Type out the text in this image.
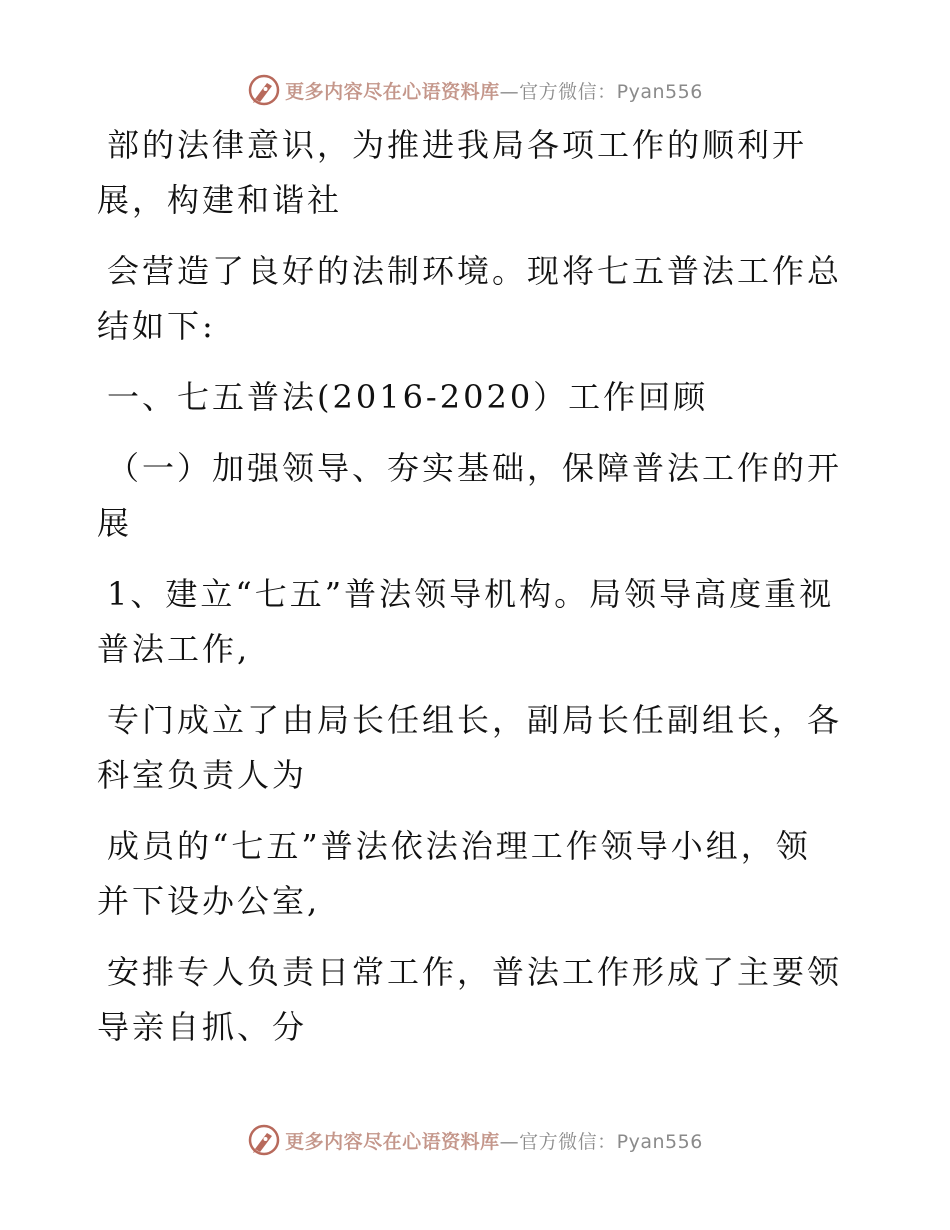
更多内容尽在心语资料库—官方微信：Pyan556

部的法律意识，为推进我局各项工作的顺利开
展，构建和谐社

会营造了良好的法制环境。现将七五普法工作总
结如下:

一、七五普法(2016-2020）工作回顾

（一）加强领导、夯实基础，保障普法工作的开
展

1、建立“七五”普法领导机构。局领导高度重视
普法工作,

专门成立了由局长任组长，副局长任副组长，各
科室负责人为

成员的“七五”普法依法治理工作领导小组，领
并下设办公室,

安排专人负责日常工作，普法工作形成了主要领
导亲自抓、分

更多内容尽在心语资料库—官方微信：Pyan556
